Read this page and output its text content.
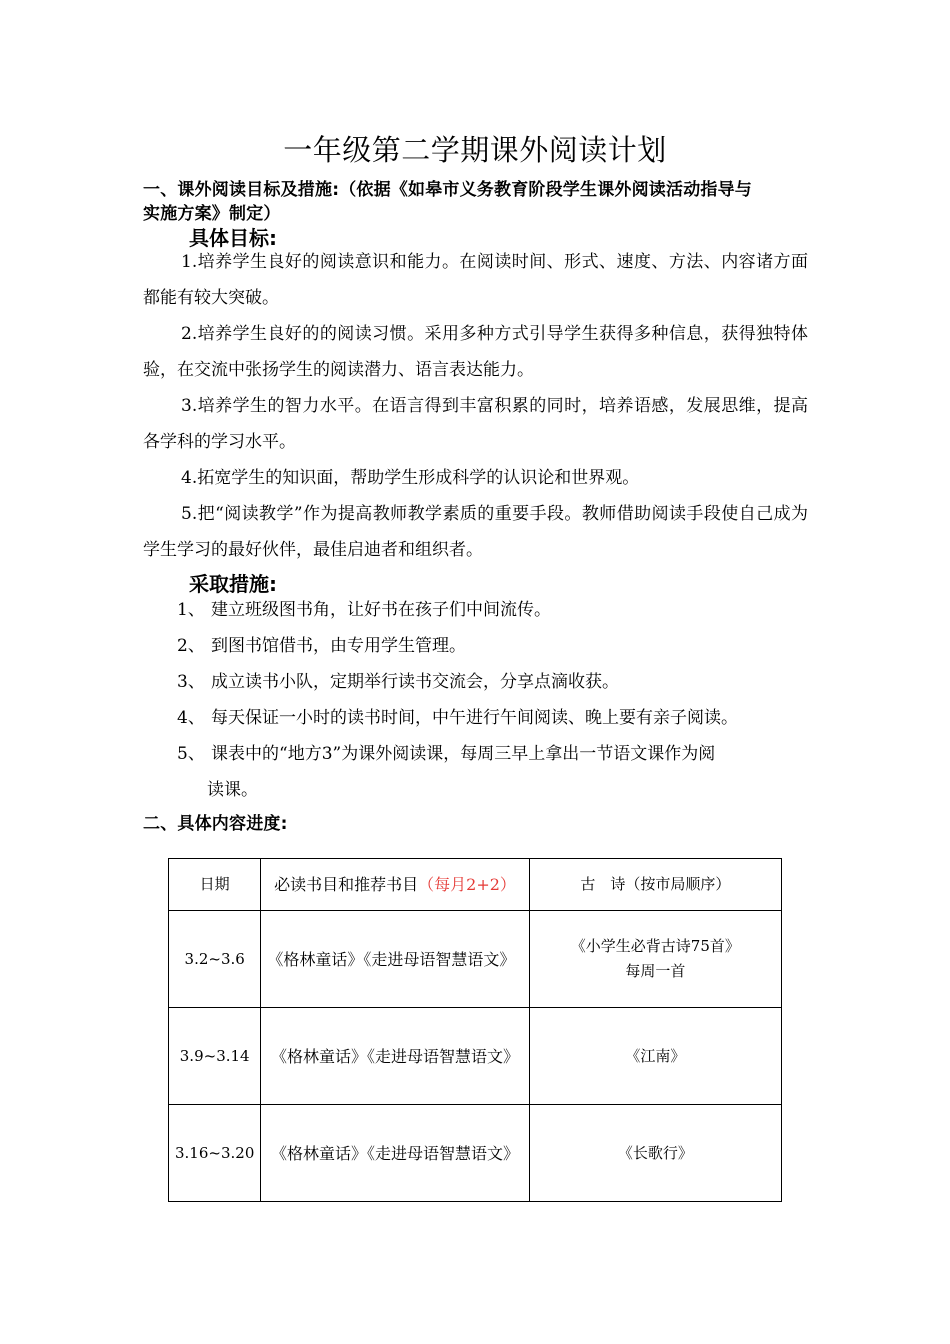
一年级第二学期课外阅读计划
一、课外阅读目标及措施:（依据《如皋市义务教育阶段学生课外阅读活动指导与
实施方案》制定）
具体目标:

1.培养学生良好的阅读意识和能力。在阅读时间、形式、速度、方法、内容诸方面都能有较大突破。

2.培养学生良好的的阅读习惯。采用多种方式引导学生获得多种信息，获得独特体验，在交流中张扬学生的阅读潜力、语言表达能力。

3.培养学生的智力水平。在语言得到丰富积累的同时，培养语感，发展思维，提高各学科的学习水平。

4.拓宽学生的知识面，帮助学生形成科学的认识论和世界观。

5.把“阅读教学”作为提高教师教学素质的重要手段。教师借助阅读手段使自己成为学生学习的最好伙伴，最佳启迪者和组织者。

采取措施:
1、 建立班级图书角，让好书在孩子们中间流传。
2、 到图书馆借书，由专用学生管理。
3、 成立读书小队，定期举行读书交流会，分享点滴收获。
4、 每天保证一小时的读书时间，中午进行午间阅读、晚上要有亲子阅读。
5、 课表中的“地方3”为课外阅读课，每周三早上拿出一节语文课作为阅
读课。
二、具体内容进度:
日期	必读书目和推荐书目（每月2+2）	古　诗（按市局顺序）
3.2~3.6	《格林童话》《走进母语智慧语文》	《小学生必背古诗75首》
每周一首

3.9~3.14	《格林童话》《走进母语智慧语文》	《江南》

3.16~3.20	《格林童话》《走进母语智慧语文》	《长歌行》
